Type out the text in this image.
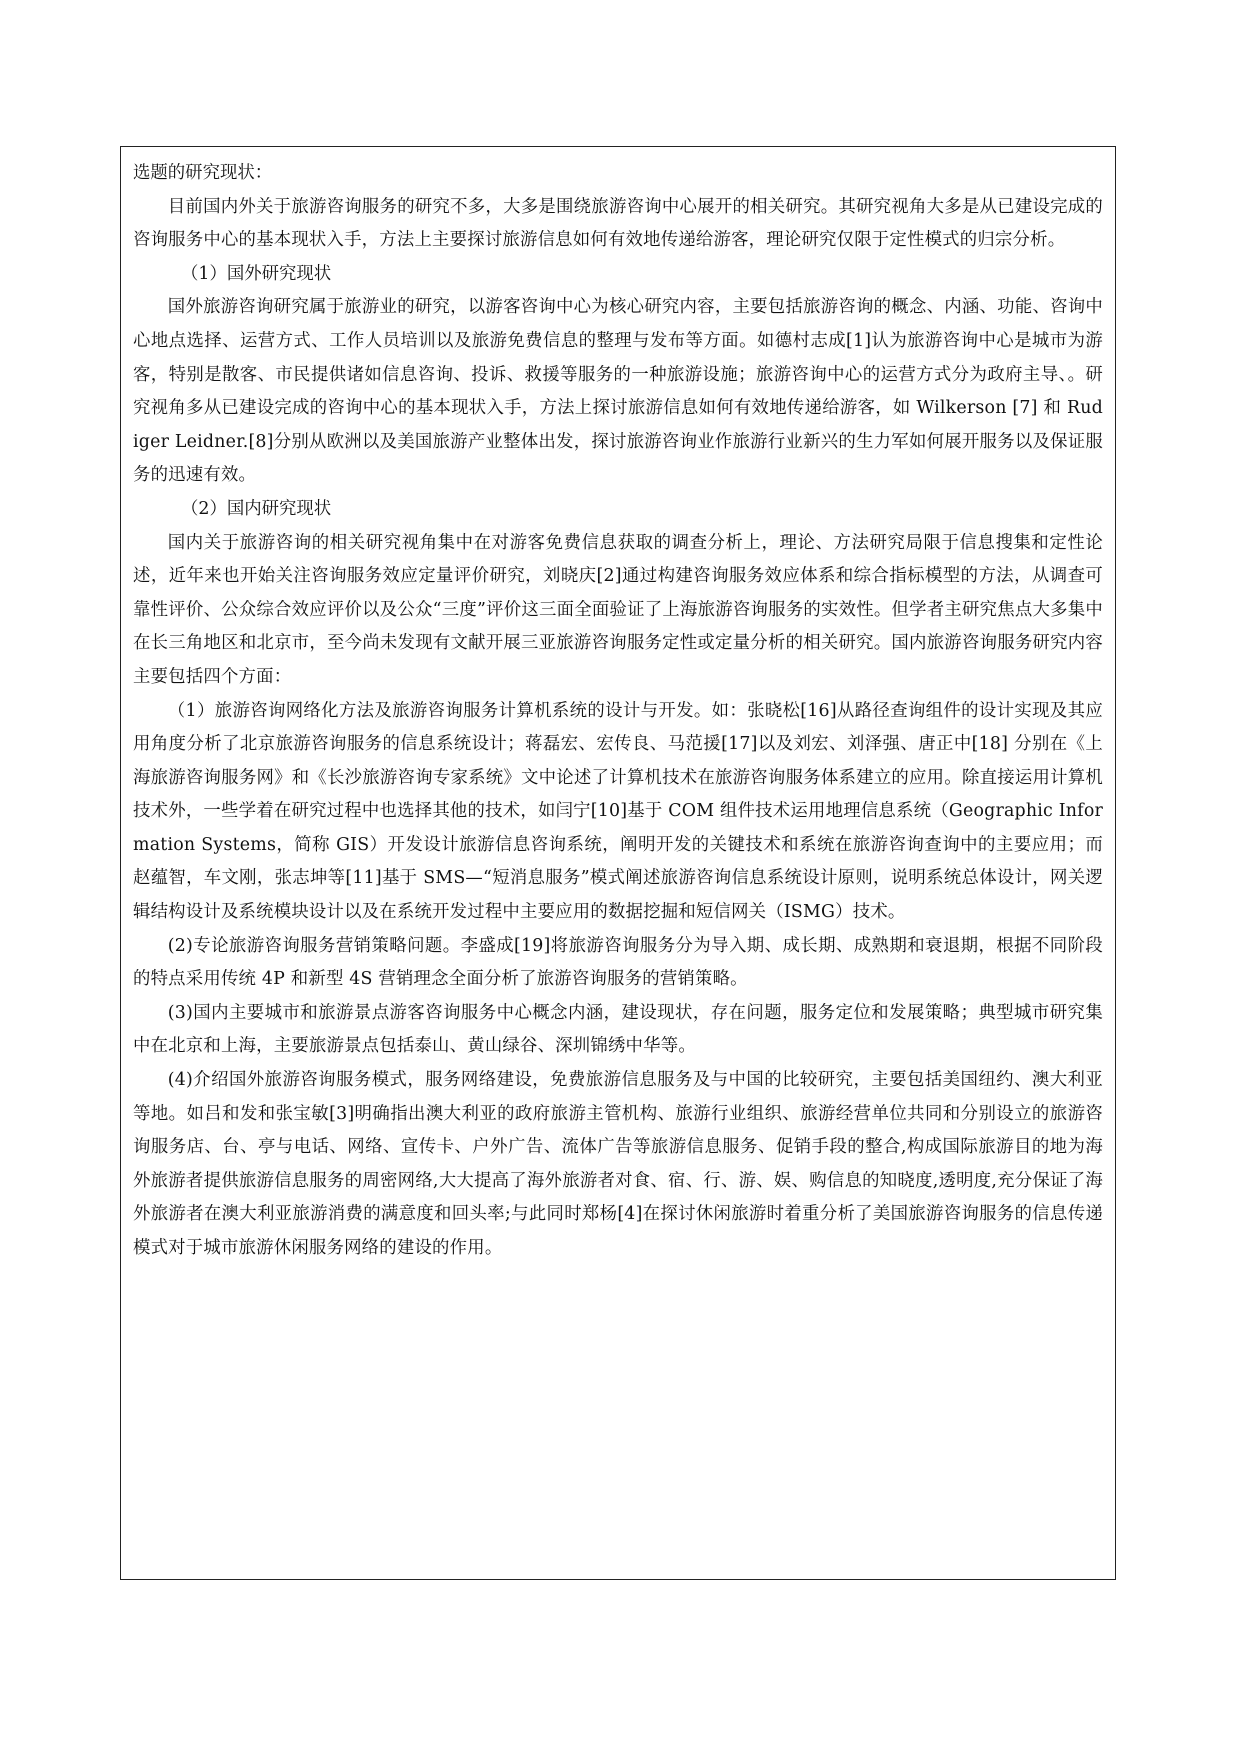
选题的研究现状：

目前国内外关于旅游咨询服务的研究不多，大多是围绕旅游咨询中心展开的相关研究。其研究视角大多是从已建设完成的咨询服务中心的基本现状入手，方法上主要探讨旅游信息如何有效地传递给游客，理论研究仅限于定性模式的归宗分析。

（1）国外研究现状

国外旅游咨询研究属于旅游业的研究，以游客咨询中心为核心研究内容，主要包括旅游咨询的概念、内涵、功能、咨询中心地点选择、运营方式、工作人员培训以及旅游免费信息的整理与发布等方面。如德村志成[1]认为旅游咨询中心是城市为游客，特别是散客、市民提供诸如信息咨询、投诉、救援等服务的一种旅游设施；旅游咨询中心的运营方式分为政府主导、。研究视角多从已建设完成的咨询中心的基本现状入手，方法上探讨旅游信息如何有效地传递给游客，如 Wilkerson [7] 和 Rudiger Leidner.[8]分别从欧洲以及美国旅游产业整体出发，探讨旅游咨询业作旅游行业新兴的生力军如何展开服务以及保证服务的迅速有效。

（2）国内研究现状

国内关于旅游咨询的相关研究视角集中在对游客免费信息获取的调查分析上，理论、方法研究局限于信息搜集和定性论述，近年来也开始关注咨询服务效应定量评价研究，刘晓庆[2]通过构建咨询服务效应体系和综合指标模型的方法，从调查可靠性评价、公众综合效应评价以及公众“三度”评价这三面全面验证了上海旅游咨询服务的实效性。但学者主研究焦点大多集中在长三角地区和北京市，至今尚未发现有文献开展三亚旅游咨询服务定性或定量分析的相关研究。国内旅游咨询服务研究内容主要包括四个方面：

（1）旅游咨询网络化方法及旅游咨询服务计算机系统的设计与开发。如：张晓松[16]从路径查询组件的设计实现及其应用角度分析了北京旅游咨询服务的信息系统设计；蒋磊宏、宏传良、马范援[17]以及刘宏、刘泽强、唐正中[18] 分别在《上海旅游咨询服务网》和《长沙旅游咨询专家系统》文中论述了计算机技术在旅游咨询服务体系建立的应用。除直接运用计算机技术外，一些学着在研究过程中也选择其他的技术，如闫宁[10]基于 COM 组件技术运用地理信息系统（Geographic Information Systems，简称 GIS）开发设计旅游信息咨询系统，阐明开发的关键技术和系统在旅游咨询查询中的主要应用；而赵蕴智，车文刚，张志坤等[11]基于 SMS—“短消息服务”模式阐述旅游咨询信息系统设计原则，说明系统总体设计，网关逻辑结构设计及系统模块设计以及在系统开发过程中主要应用的数据挖掘和短信网关（ISMG）技术。

(2)专论旅游咨询服务营销策略问题。李盛成[19]将旅游咨询服务分为导入期、成长期、成熟期和衰退期，根据不同阶段的特点采用传统 4P 和新型 4S 营销理念全面分析了旅游咨询服务的营销策略。

(3)国内主要城市和旅游景点游客咨询服务中心概念内涵，建设现状，存在问题，服务定位和发展策略；典型城市研究集中在北京和上海，主要旅游景点包括泰山、黄山绿谷、深圳锦绣中华等。

(4)介绍国外旅游咨询服务模式，服务网络建设，免费旅游信息服务及与中国的比较研究，主要包括美国纽约、澳大利亚等地。如吕和发和张宝敏[3]明确指出澳大利亚的政府旅游主管机构、旅游行业组织、旅游经营单位共同和分别设立的旅游咨询服务店、台、亭与电话、网络、宣传卡、户外广告、流体广告等旅游信息服务、促销手段的整合,构成国际旅游目的地为海外旅游者提供旅游信息服务的周密网络,大大提高了海外旅游者对食、宿、行、游、娱、购信息的知晓度,透明度,充分保证了海外旅游者在澳大利亚旅游消费的满意度和回头率;与此同时郑杨[4]在探讨休闲旅游时着重分析了美国旅游咨询服务的信息传递模式对于城市旅游休闲服务网络的建设的作用。
